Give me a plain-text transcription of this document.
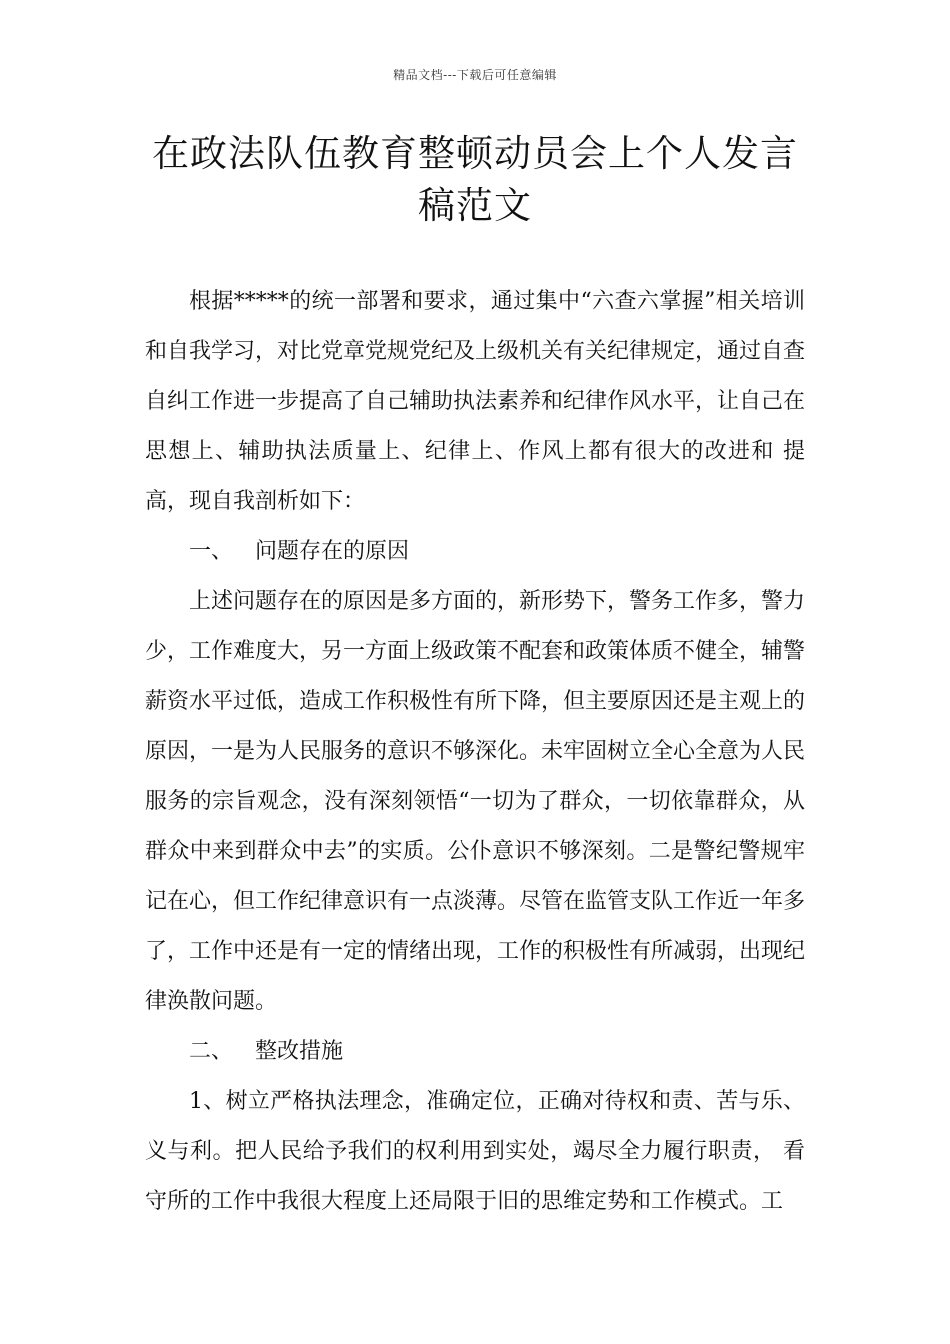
精品文档---下载后可任意编辑
在政法队伍教育整顿动员会上个人发言
稿范文

根据*****的统一部署和要求，通过集中“六查六掌握”相关培训和自我学习，对比党章党规党纪及上级机关有关纪律规定，通过自查自纠工作进一步提高了自己辅助执法素养和纪律作风水平，让自己在思想上、辅助执法质量上、纪律上、作风上都有很大的改进和 提高，现自我剖析如下：

一、 问题存在的原因

上述问题存在的原因是多方面的，新形势下，警务工作多，警力少，工作难度大，另一方面上级政策不配套和政策体质不健全，辅警薪资水平过低，造成工作积极性有所下降，但主要原因还是主观上的原因，一是为人民服务的意识不够深化。未牢固树立全心全意为人民服务的宗旨观念，没有深刻领悟“一切为了群众，一切依靠群众，从群众中来到群众中去”的实质。公仆意识不够深刻。二是警纪警规牢记在心，但工作纪律意识有一点淡薄。尽管在监管支队工作近一年多了，工作中还是有一定的情绪出现，工作的积极性有所减弱，出现纪律涣散问题。

二、 整改措施

1、树立严格执法理念，准确定位，正确对待权和责、苦与乐、义与利。把人民给予我们的权利用到实处，竭尽全力履行职责， 看守所的工作中我很大程度上还局限于旧的思维定势和工作模式。工
